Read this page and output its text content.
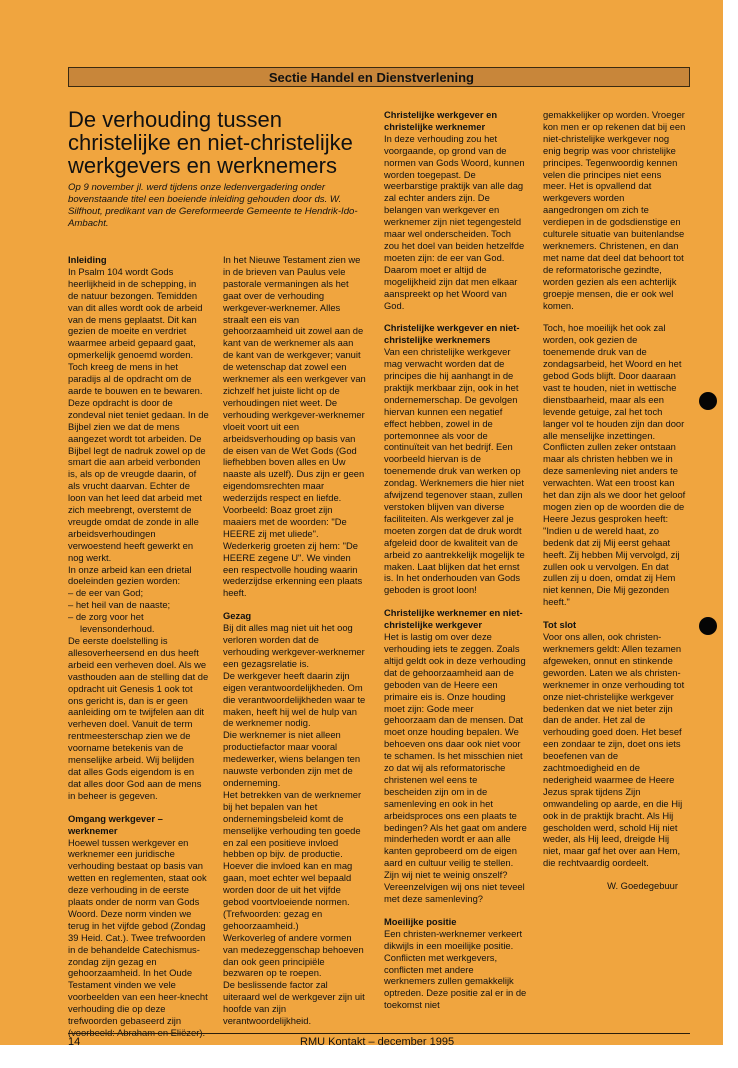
Sectie Handel en Dienstverlening
De verhouding tussen christelijke en niet-christelijke werkgevers en werknemers

Op 9 november jl. werd tijdens onze ledenvergadering onder bovenstaande titel een boeiende inleiding gehouden door ds. W. Silfhout, predikant van de Gereformeerde Gemeente te Hendrik-Ido-Ambacht.

Inleiding

In Psalm 104 wordt Gods heerlijkheid in de schepping, in de natuur bezongen. Temidden van dit alles wordt ook de arbeid van de mens geplaatst. Dit kan gezien de moeite en verdriet waarmee arbeid gepaard gaat, opmerkelijk genoemd worden. Toch kreeg de mens in het paradijs al de opdracht om de aarde te bouwen en te bewaren. Deze opdracht is door de zondeval niet teniet gedaan. In de Bijbel zien we dat de mens aangezet wordt tot arbeiden. De Bijbel legt de nadruk zowel op de smart die aan arbeid verbonden is, als op de vreugde daarin, of als vrucht daarvan. Echter de loon van het leed dat arbeid met zich meebrengt, overstemt de vreugde omdat de zonde in alle arbeidsverhoudingen verwoestend heeft gewerkt en nog werkt.

In onze arbeid kan een drietal doeleinden gezien worden:

– de eer van God;
– het heil van de naaste;
– de zorg voor het levensonderhoud.

De eerste doelstelling is allesoverheersend en dus heeft arbeid een verheven doel. Als we vasthouden aan de stelling dat de opdracht uit Genesis 1 ook tot ons gericht is, dan is er geen aanleiding om te twijfelen aan dit verheven doel. Vanuit de term rentmeesterschap zien we de voorname betekenis van de menselijke arbeid. Wij belijden dat alles Gods eigendom is en dat alles door God aan de mens in beheer is gegeven.

Omgang werkgever – werknemer

Hoewel tussen werkgever en werknemer een juridische verhouding bestaat op basis van wetten en reglementen, staat ook deze verhouding in de eerste plaats onder de norm van Gods Woord. Deze norm vinden we terug in het vijfde gebod (Zondag 39 Heid. Cat.). Twee trefwoorden in de behandelde Catechismus-zondag zijn gezag en gehoorzaamheid. In het Oude Testament vinden we vele voorbeelden van een heer-knecht verhouding die op deze trefwoorden gebaseerd zijn

In het Nieuwe Testament zien we in de brieven van Paulus vele pastorale vermaningen als het gaat over de verhouding werkgever-werknemer. Alles straalt een eis van gehoorzaamheid uit zowel aan de kant van de werknemer als aan de kant van de werkgever; vanuit de wetenschap dat zowel een werknemer als een werkgever van zichzelf het juiste licht op de verhoudingen niet weet. De verhouding werkgever-werknemer vloeit voort uit een arbeidsverhouding op basis van de eisen van de Wet Gods (God liefhebben boven alles en Uw naaste als uzelf). Dus zijn er geen eigendomsrechten maar wederzijds respect en liefde. Voorbeeld: Boaz groet zijn maaiers met de woorden: "De HEERE zij met uliede". Wederkerig groeten zij hem: "De HEERE zegene U". We vinden een respectvolle houding waarin wederzijdse erkenning een plaats heeft.

Gezag

Bij dit alles mag niet uit het oog verloren worden dat de verhouding werkgever-werknemer een gezagsrelatie is.

De werkgever heeft daarin zijn eigen verantwoordelijkheden. Om die verantwoordelijkheden waar te maken, heeft hij wel de hulp van de werknemer nodig.

Die werknemer is niet alleen productiefactor maar vooral medewerker, wiens belangen ten nauwste verbonden zijn met de onderneming.

Het betrekken van de werknemer bij het bepalen van het ondernemingsbeleid komt de menselijke verhouding ten goede en zal een positieve invloed hebben op bijv. de productie.

Hoever die invloed kan en mag gaan, moet echter wel bepaald worden door de uit het vijfde gebod voortvloeiende normen. (Trefwoorden: gezag en gehoorzaamheid.)

Werkoverleg of andere vormen van medezeggenschap behoeven dan ook geen principiële bezwaren op te roepen.

De beslissende factor zal uiteraard wel de werkgever zijn uit hoofde van zijn verantwoordelijkheid.

Christelijke werkgever en christelijke werknemer

In deze verhouding zou het voorgaande, op grond van de normen van Gods Woord, kunnen worden toegepast. De weerbarstige praktijk van alle dag zal echter anders zijn. De belangen van werkgever en werknemer zijn niet tegengesteld maar wel onderscheiden. Toch zou het doel van beiden hetzelfde moeten zijn: de eer van God. Daarom moet er altijd de mogelijkheid zijn dat men elkaar aanspreekt op het Woord van God.

Christelijke werkgever en niet-christelijke werknemers

Van een christelijke werkgever mag verwacht worden dat de principes die hij aanhangt in de praktijk merkbaar zijn, ook in het ondernemerschap. De gevolgen hiervan kunnen een negatief effect hebben, zowel in de portemonnee als voor de continuïteit van het bedrijf. Een voorbeeld hiervan is de toenemende druk van werken op zondag. Werknemers die hier niet afwijzend tegenover staan, zullen verstoken blijven van diverse faciliteiten. Als werkgever zal je moeten zorgen dat de druk wordt afgeleid door de kwaliteit van de arbeid zo aantrekkelijk mogelijk te maken. Laat blijken dat het ernst is. In het onderhouden van Gods geboden is groot loon!

Christelijke werknemer en niet-christelijke werkgever

Het is lastig om over deze verhouding iets te zeggen. Zoals altijd geldt ook in deze verhouding dat de gehoorzaamheid aan de geboden van de Heere een primaire eis is. Onze houding moet zijn: Gode meer gehoorzaam dan de mensen. Dat moet onze houding bepalen. We behoeven ons daar ook niet voor te schamen. Is het misschien niet zo dat wij als reformatorische christenen wel eens te bescheiden zijn om in de samenleving en ook in het arbeidsproces ons een plaats te bedingen? Als het gaat om andere minderheden wordt er aan alle kanten geprobeerd om de eigen aard en cultuur veilig te stellen. Zijn wij niet te weinig onszelf? Vereenzelvigen wij ons niet teveel met deze samenleving?

Moeilijke positie

Een christen-werknemer verkeert dikwijls in een moeilijke positie. Conflicten met werkgevers, conflicten met andere werknemers zullen gemakkelijk optreden. Deze positie zal er in de toekomst niet

gemakkelijker op worden. Vroeger kon men er op rekenen dat bij een niet-christelijke werkgever nog enig begrip was voor christelijke principes. Tegenwoordig kennen velen die principes niet eens meer. Het is opvallend dat werkgevers worden aangedrongen om zich te verdiepen in de godsdienstige en culturele situatie van buitenlandse werknemers. Christenen, en dan met name dat deel dat behoort tot de reformatorische gezindte, worden gezien als een achterlijk groepje mensen, die er ook wel komen.

Toch, hoe moeilijk het ook zal worden, ook gezien de toenemende druk van de zondagsarbeid, het Woord en het gebod Gods blijft. Door daaraan vast te houden, niet in wettische dienstbaarheid, maar als een levende getuige, zal het toch langer vol te houden zijn dan door alle menselijke inzettingen. Conflicten zullen zeker ontstaan maar als christen hebben we in deze samenleving niet anders te verwachten. Wat een troost kan het dan zijn als we door het geloof mogen zien op de woorden die de Heere Jezus gesproken heeft: "Indien u de wereld haat, zo bedenk dat zij Mij eerst gehaat heeft. Zij hebben Mij vervolgd, zij zullen ook u vervolgen. En dat zullen zij u doen, omdat zij Hem niet kennen, Die Mij gezonden heeft."

Tot slot

Voor ons allen, ook christen-werknemers geldt: Allen tezamen afgeweken, onnut en stinkende geworden. Laten we als christen-werknemer in onze verhouding tot onze niet-christelijke werkgever bedenken dat we niet beter zijn dan de ander. Het zal de verhouding goed doen. Het besef een zondaar te zijn, doet ons iets beoefenen van de zachtmoedigheid en de nederigheid waarmee de Heere Jezus sprak tijdens Zijn omwandeling op aarde, en die Hij ook in de praktijk bracht. Als Hij gescholden werd, schold Hij niet weder, als Hij leed, dreigde Hij niet, maar gaf het over aan Hem, die rechtvaardig oordeelt.

W. Goedegebuur
14	RMU Kontakt – december 1995
